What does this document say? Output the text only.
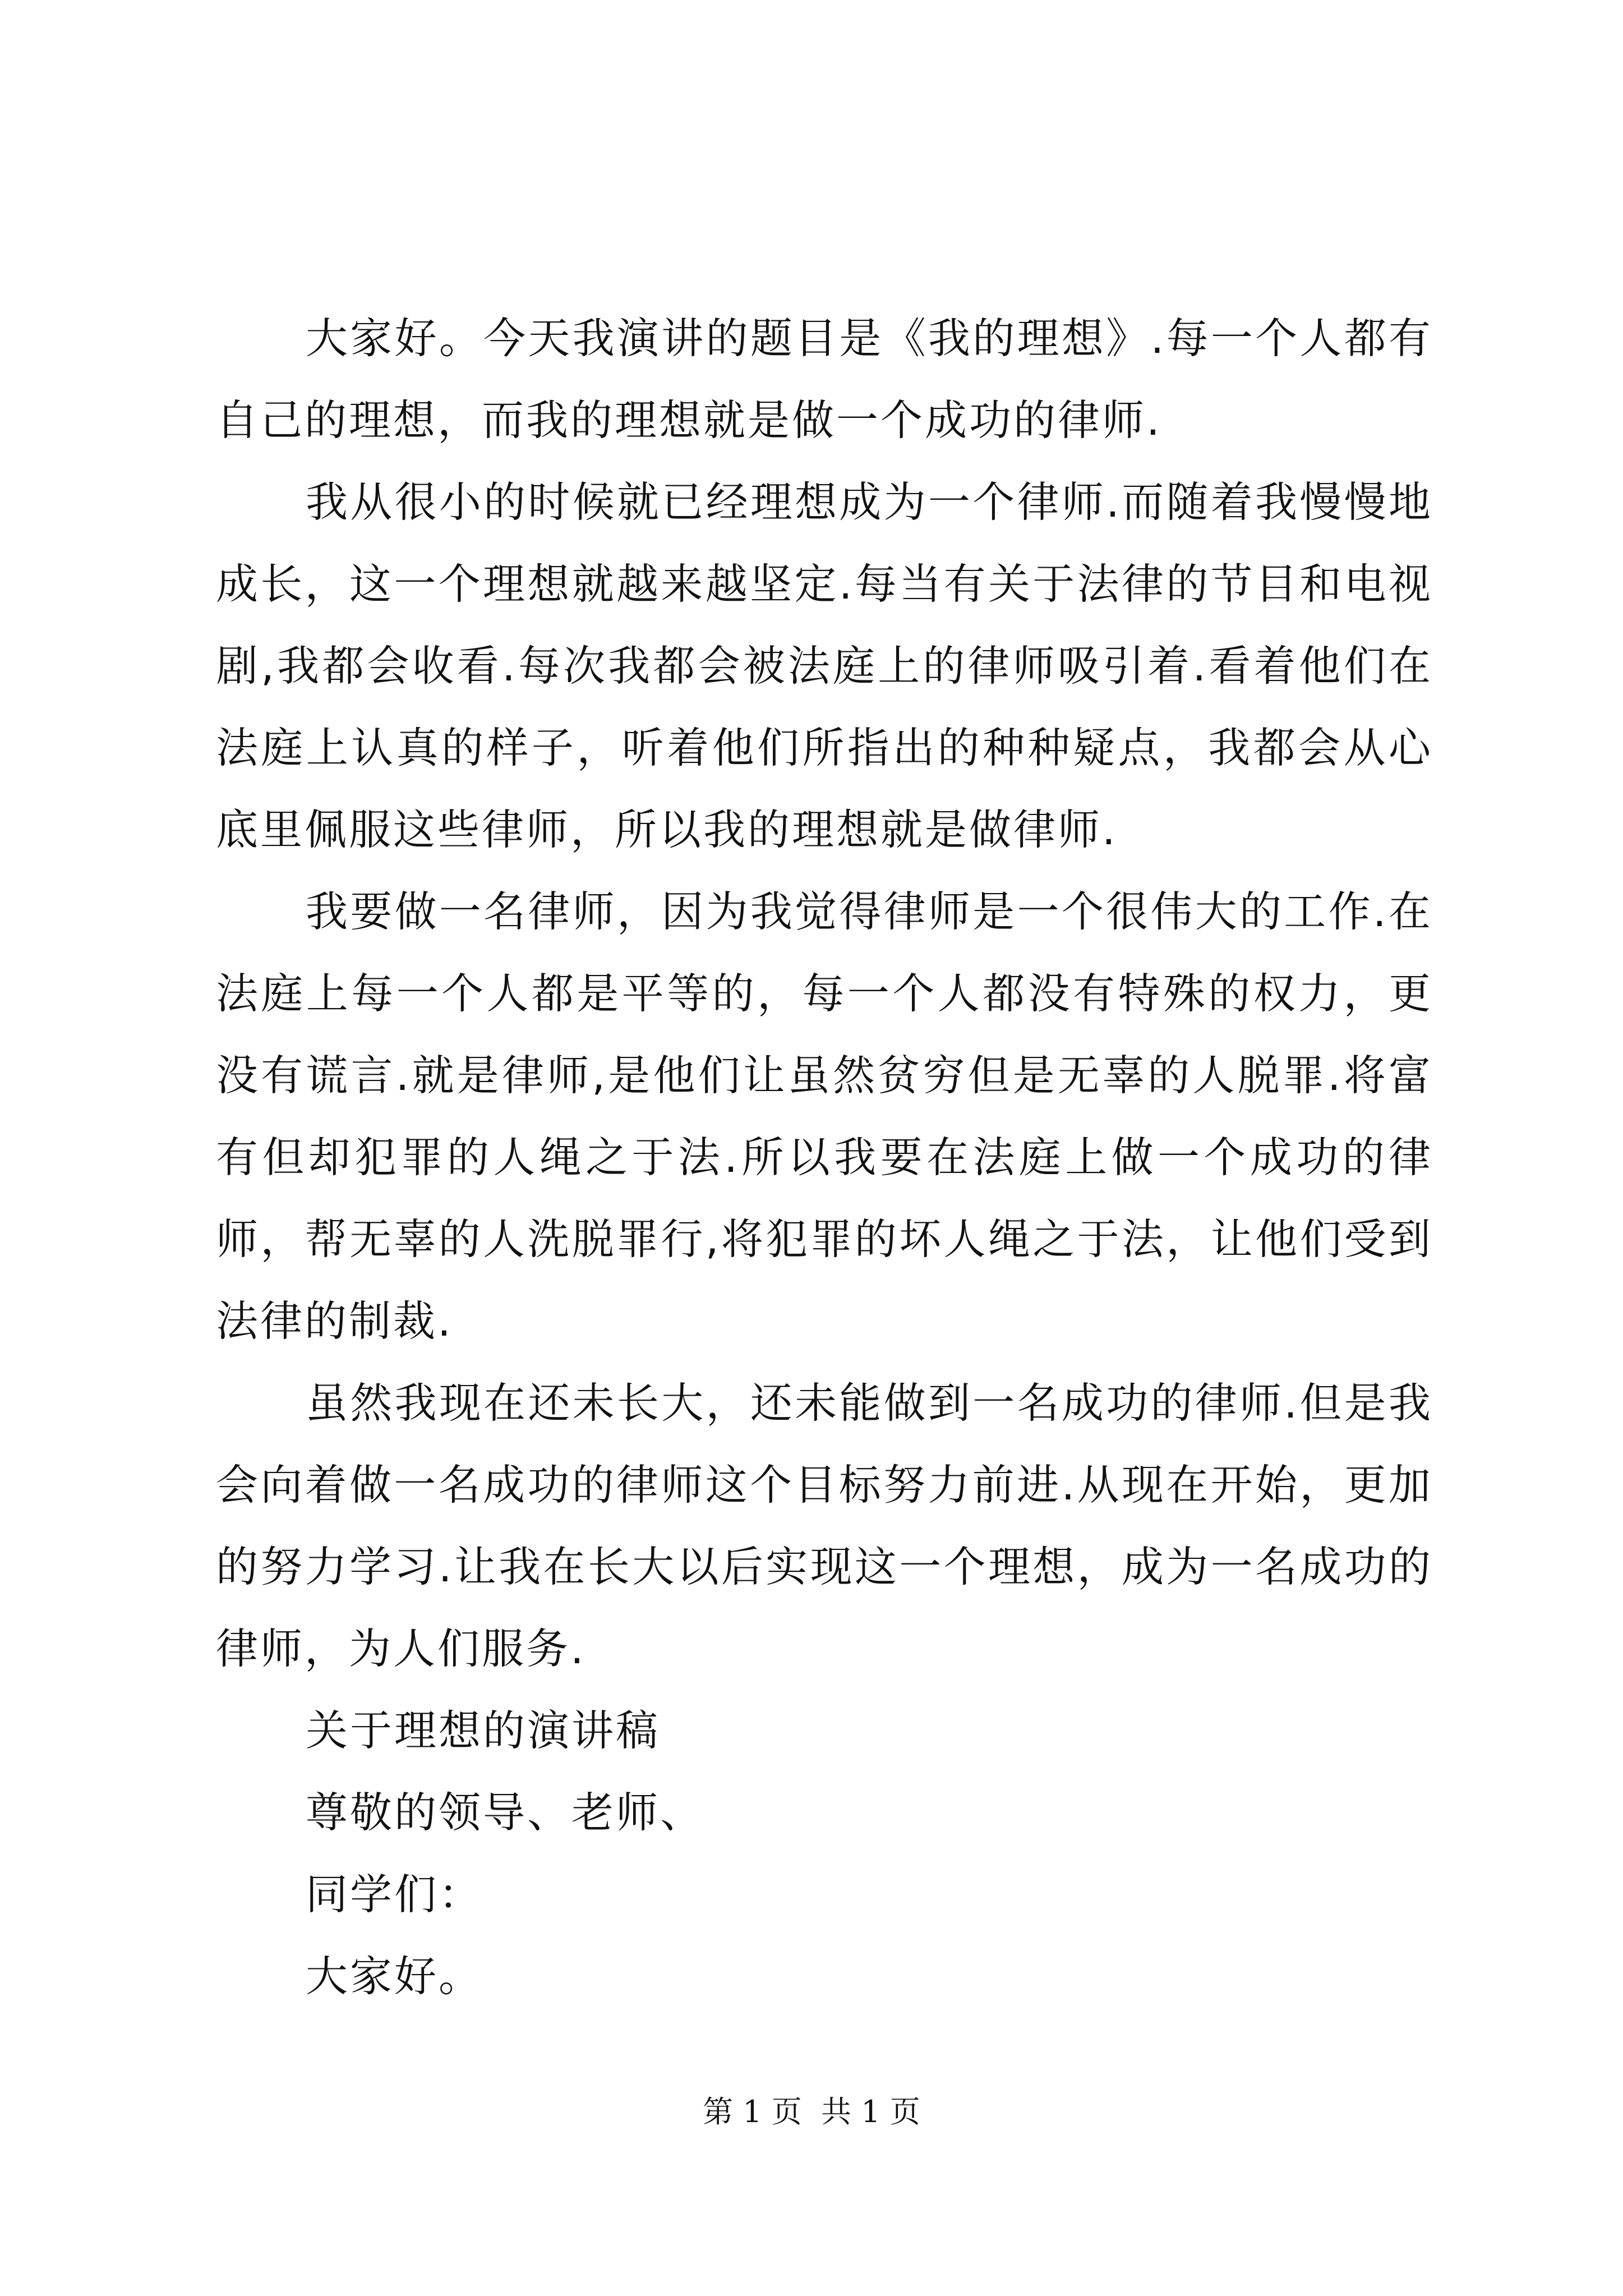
大家好。今天我演讲的题目是《我的理想》.每一个人都有自己的理想，而我的理想就是做一个成功的律师.

我从很小的时候就已经理想成为一个律师.而随着我慢慢地成长，这一个理想就越来越坚定.每当有关于法律的节目和电视剧,我都会收看.每次我都会被法庭上的律师吸引着.看着他们在法庭上认真的样子，听着他们所指出的种种疑点，我都会从心底里佩服这些律师，所以我的理想就是做律师.

我要做一名律师，因为我觉得律师是一个很伟大的工作.在法庭上每一个人都是平等的，每一个人都没有特殊的权力，更没有谎言.就是律师,是他们让虽然贫穷但是无辜的人脱罪.将富有但却犯罪的人绳之于法.所以我要在法庭上做一个成功的律师，帮无辜的人洗脱罪行,将犯罪的坏人绳之于法，让他们受到法律的制裁.

虽然我现在还未长大，还未能做到一名成功的律师.但是我会向着做一名成功的律师这个目标努力前进.从现在开始，更加的努力学习.让我在长大以后实现这一个理想，成为一名成功的律师，为人们服务.

关于理想的演讲稿

尊敬的领导、老师、

同学们：

大家好。

第 1 页  共 1 页
